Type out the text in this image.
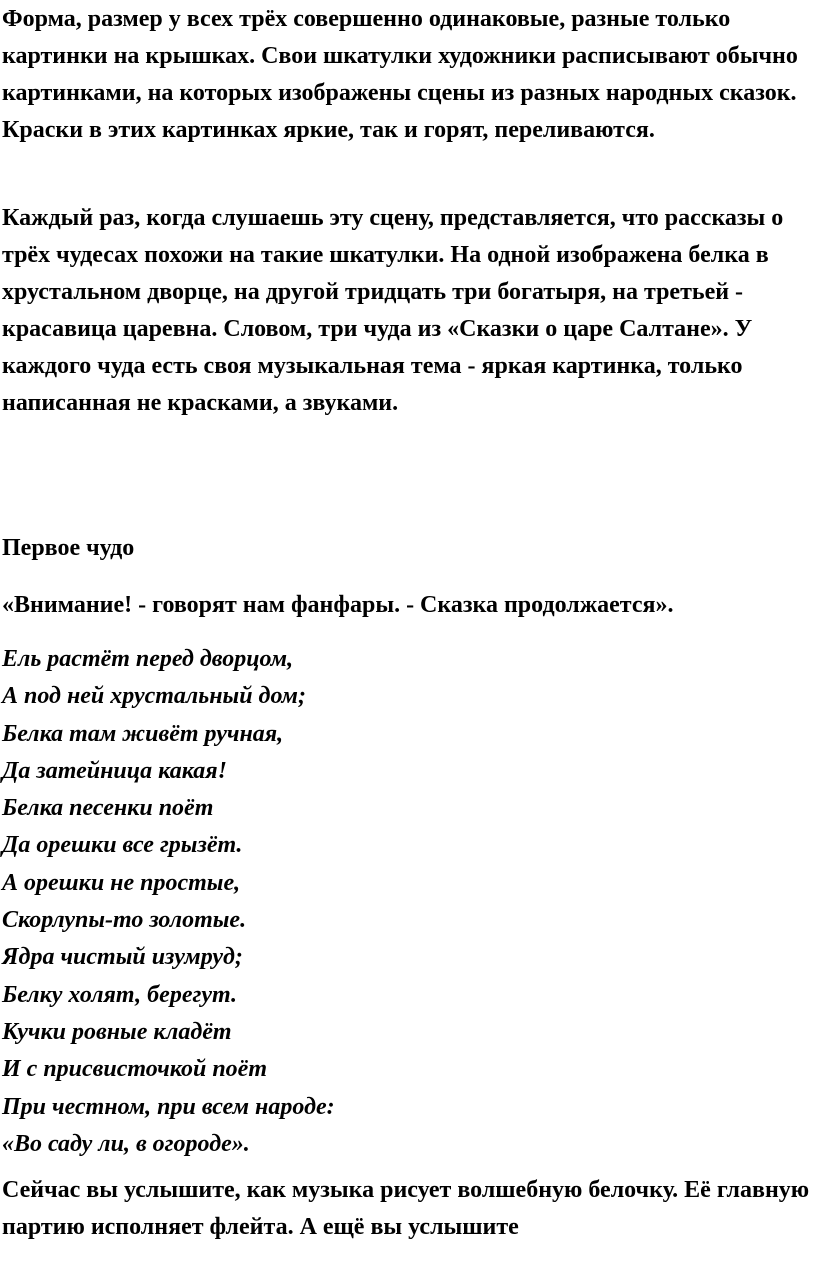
Форма, размер у всех трёх совершенно одинаковые, разные только картинки на крышках. Свои шкатулки художники расписывают обычно картинками, на которых изображены сцены из разных народных сказок. Краски в этих картинках яркие, так и горят, переливаются.

Каждый раз, когда слушаешь эту сцену, представляется, что рассказы о трёх чудесах похожи на такие шкатулки. На одной изображена белка в хрустальном дворце, на другой тридцать три богатыря, на третьей - красавица царевна. Словом, три чуда из «Сказки о царе Салтане». У каждого чуда есть своя музыкальная тема - яркая картинка, только написанная не красками, а звуками.

Первое чудо

«Внимание! - говорят нам фанфары. - Сказка продолжается».

Ель растёт перед дворцом,
А под ней хрустальный дом;
Белка там живёт ручная,
Да затейница какая!
Белка песенки поёт
Да орешки все грызёт.
А орешки не простые,
Скорлупы-то золотые.
Ядра чистый изумруд;
Белку холят, берегут.
Кучки ровные кладёт
И с присвисточкой поёт
При честном, при всем народе:
«Во саду ли, в огороде».

Сейчас вы услышите, как музыка рисует волшебную белочку. Её главную партию исполняет флейта. А ещё вы услышите
